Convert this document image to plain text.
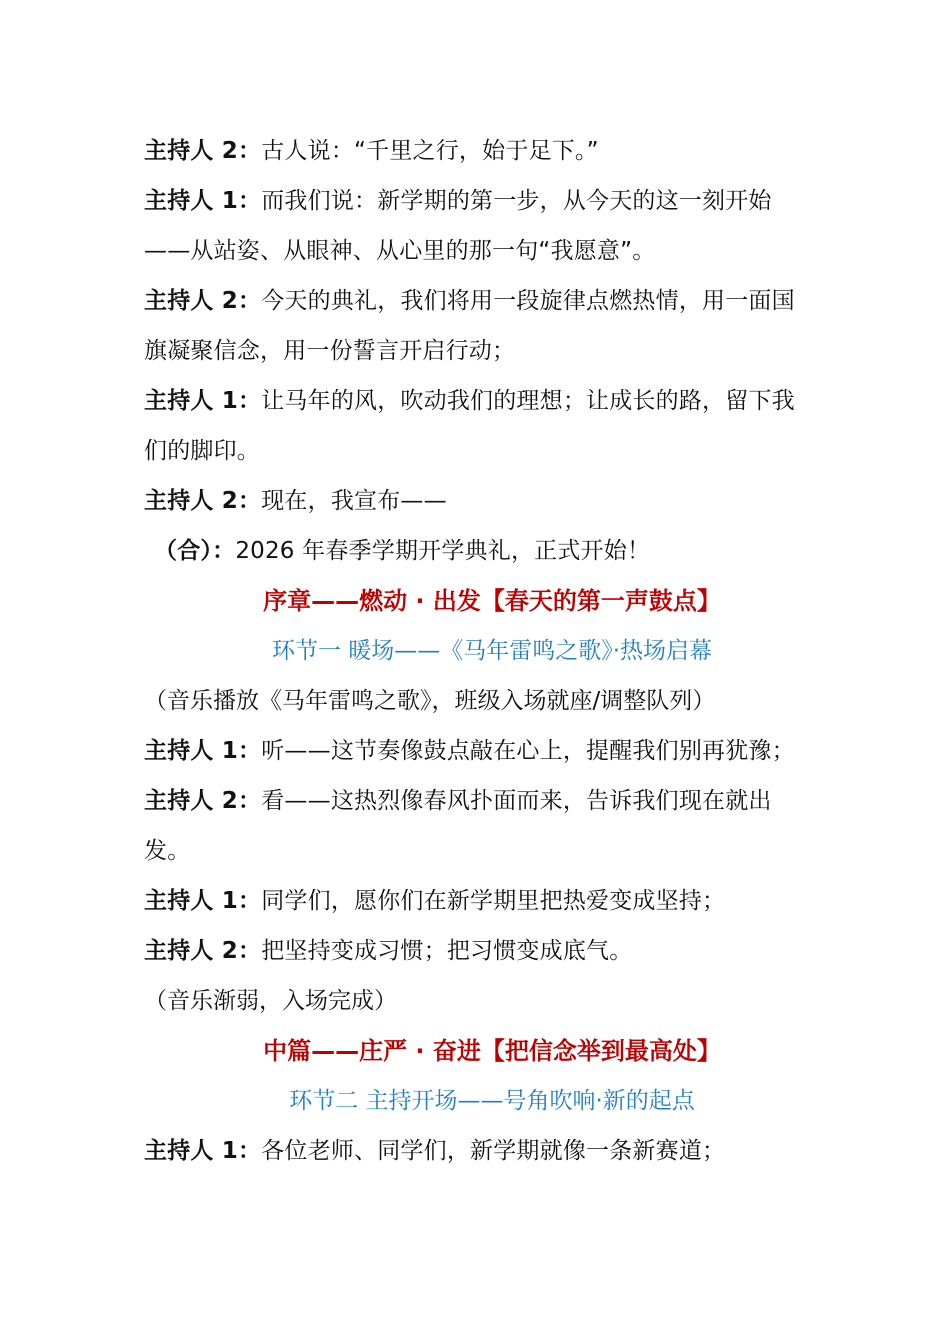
主持人 2：古人说：“千里之行，始于足下。”

主持人 1：而我们说：新学期的第一步，从今天的这一刻开始——从站姿、从眼神、从心里的那一句“我愿意”。

主持人 2：今天的典礼，我们将用一段旋律点燃热情，用一面国旗凝聚信念，用一份誓言开启行动；

主持人 1：让马年的风，吹动我们的理想；让成长的路，留下我们的脚印。

主持人 2：现在，我宣布——

（合）：2026 年春季学期开学典礼，正式开始！

序章——燃动 · 出发【春天的第一声鼓点】

环节一 暖场——《马年雷鸣之歌》·热场启幕

（音乐播放《马年雷鸣之歌》，班级入场就座/调整队列）

主持人 1：听——这节奏像鼓点敲在心上，提醒我们别再犹豫；

主持人 2：看——这热烈像春风扑面而来，告诉我们现在就出发。

主持人 1：同学们，愿你们在新学期里把热爱变成坚持；

主持人 2：把坚持变成习惯；把习惯变成底气。

（音乐渐弱，入场完成）

中篇——庄严 · 奋进【把信念举到最高处】

环节二 主持开场——号角吹响·新的起点

主持人 1：各位老师、同学们，新学期就像一条新赛道；
